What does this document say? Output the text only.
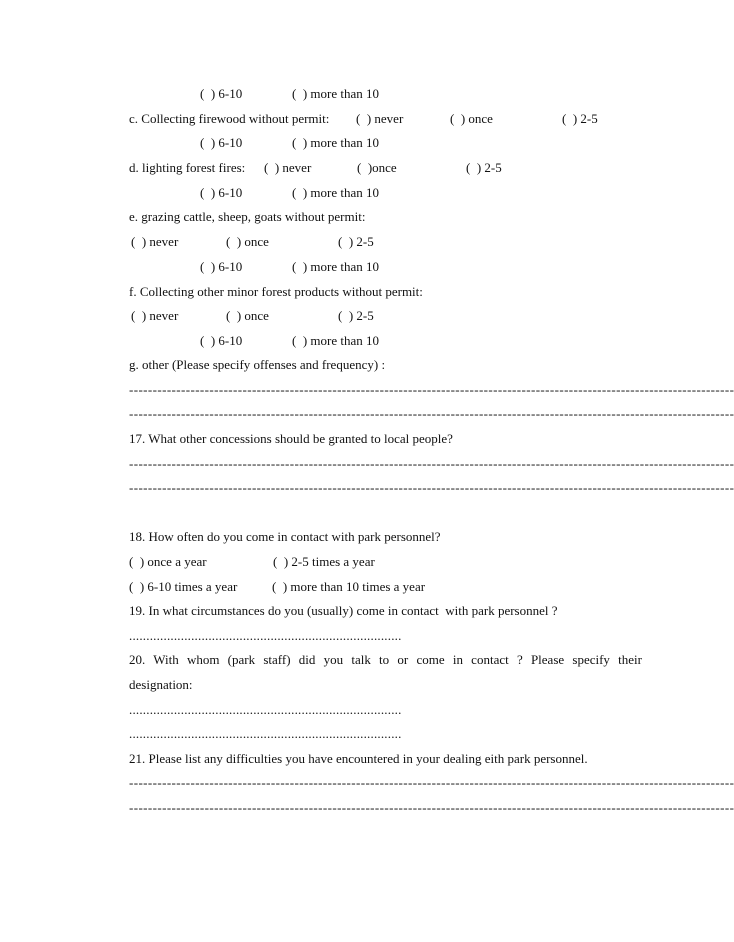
(  ) 6-10	(  ) more than 10
c. Collecting firewood without permit: (  ) never	(  ) once	(  ) 2-5
(  ) 6-10	(  ) more than 10
d. lighting forest fires: (  ) never	(  )once	(  ) 2-5
(  ) 6-10	(  ) more than 10
e. grazing cattle, sheep, goats without permit:
(  ) never	(  ) once	(  ) 2-5
(  ) 6-10	(  ) more than 10
f. Collecting other minor forest products without permit:
(  ) never	(  ) once	(  ) 2-5
(  ) 6-10	(  ) more than 10
g. other (Please specify offenses and frequency) :
--------------------------------------------------------------------------------------------------------------------------------
--------------------------------------------------------------------------------------------------------------------------------
17. What other concessions should be granted to local people?
--------------------------------------------------------------------------------------------------------------------------------
--------------------------------------------------------------------------------------------------------------------------------
18. How often do you come in contact with park personnel?
(  ) once a year	(  ) 2-5 times a year
(  ) 6-10 times a year	(  ) more than 10 times a year
19. In what circumstances do you (usually) come in contact  with park personnel ?
...............................................................................
20. With whom (park staff) did you talk to or come in contact ? Please specify their
designation:
...............................................................................
...............................................................................
21. Please list any difficulties you have encountered in your dealing eith park personnel.
--------------------------------------------------------------------------------------------------------------------------------
--------------------------------------------------------------------------------------------------------------------------------
